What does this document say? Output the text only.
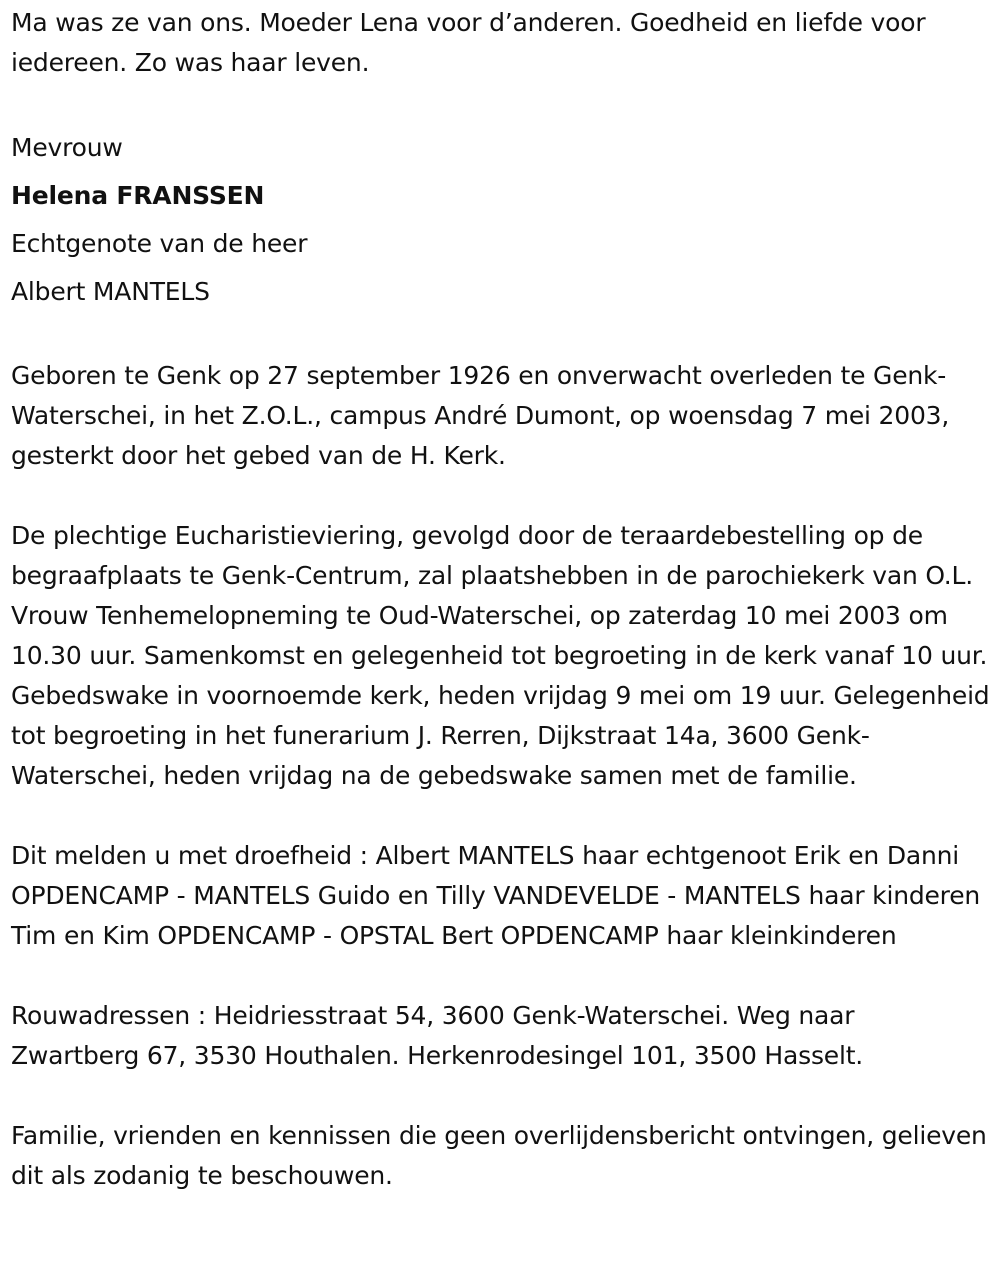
Ma was ze van ons. Moeder Lena voor d’anderen. Goedheid en liefde voor iedereen. Zo was haar leven.

Mevrouw

Helena FRANSSEN

Echtgenote van de heer

Albert MANTELS

Geboren te Genk op 27 september 1926 en onverwacht overleden te Genk-Waterschei, in het Z.O.L., campus André Dumont, op woensdag 7 mei 2003, gesterkt door het gebed van de H. Kerk.

De plechtige Eucharistieviering, gevolgd door de teraardebestelling op de begraafplaats te Genk-Centrum, zal plaatshebben in de parochiekerk van O.L. Vrouw Tenhemelopneming te Oud-Waterschei, op zaterdag 10 mei 2003 om 10.30 uur. Samenkomst en gelegenheid tot begroeting in de kerk vanaf 10 uur. Gebedswake in voornoemde kerk, heden vrijdag 9 mei om 19 uur. Gelegenheid tot begroeting in het funerarium J. Rerren, Dijkstraat 14a, 3600 Genk-Waterschei, heden vrijdag na de gebedswake samen met de familie.

Dit melden u met droefheid : Albert MANTELS haar echtgenoot Erik en Danni OPDENCAMP - MANTELS Guido en Tilly VANDEVELDE - MANTELS haar kinderen Tim en Kim OPDENCAMP - OPSTAL Bert OPDENCAMP haar kleinkinderen

Rouwadressen : Heidriesstraat 54, 3600 Genk-Waterschei. Weg naar Zwartberg 67, 3530 Houthalen. Herkenrodesingel 101, 3500 Hasselt.

Familie, vrienden en kennissen die geen overlijdensbericht ontvingen, gelieven dit als zodanig te beschouwen.
